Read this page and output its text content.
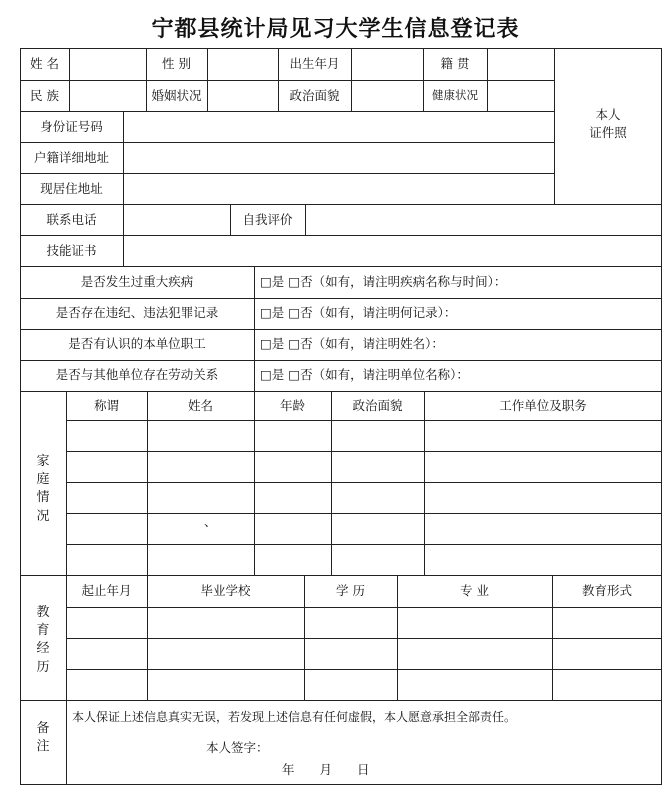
宁都县统计局见习大学生信息登记表
姓 名	性 别	出生年月	籍 贯
民 族	婚姻状况	政治面貌	健康状况
本人
证件照
身份证号码
户籍详细地址
现居住地址
联系电话	自我评价
技能证书
是否发生过重大疾病	□是 □否（如有，请注明疾病名称与时间）：
是否存在违纪、违法犯罪记录	□是 □否（如有，请注明何记录）：
是否有认识的本单位职工	□是 □否（如有，请注明姓名）：
是否与其他单位存在劳动关系	□是 □否（如有，请注明单位名称）：
家
庭
情
况
称谓	姓名	年龄	政治面貌	工作单位及职务
、
教
育
经
历
起止年月	毕业学校	学 历	专 业	教育形式
备
注
本人保证上述信息真实无误，若发现上述信息有任何虚假，本人愿意承担全部责任。
本人签字：
年　　月　　日
